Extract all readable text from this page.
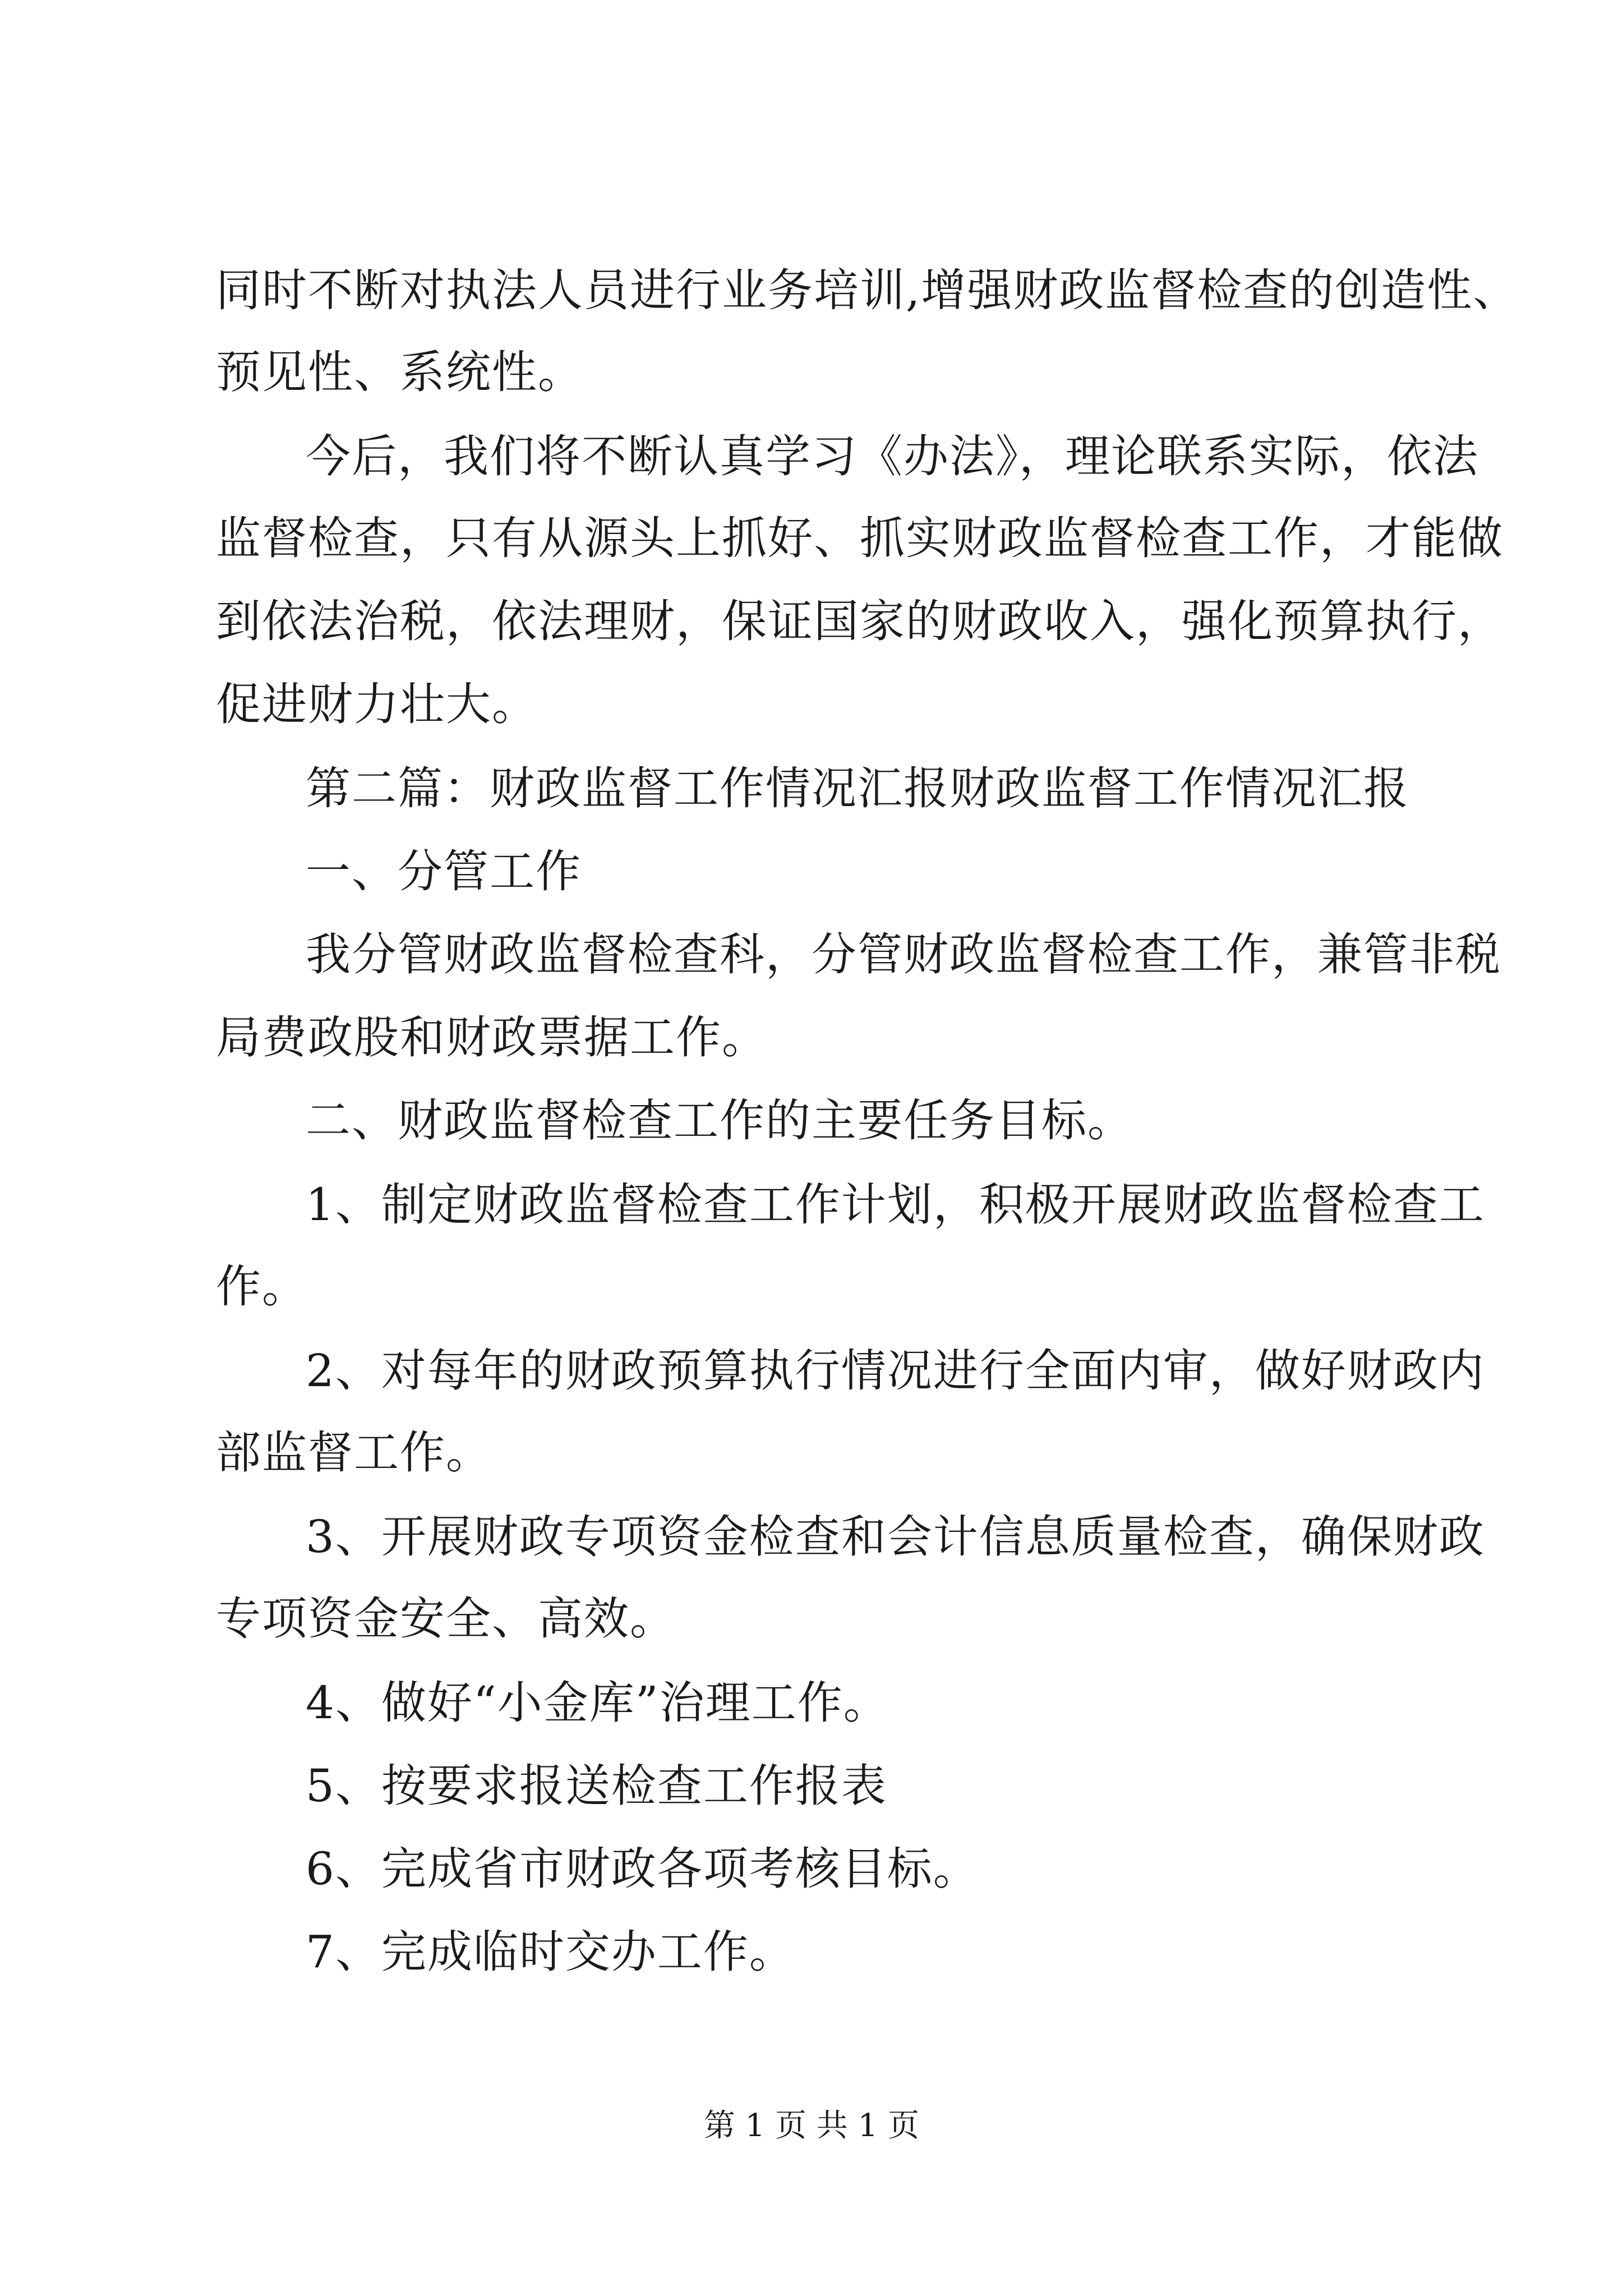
同时不断对执法人员进行业务培训,增强财政监督检查的创造性、
预见性、系统性。
今后，我们将不断认真学习《办法》，理论联系实际，依法
监督检查，只有从源头上抓好、抓实财政监督检查工作，才能做
到依法治税，依法理财，保证国家的财政收入，强化预算执行，
促进财力壮大。
第二篇：财政监督工作情况汇报财政监督工作情况汇报
一、分管工作
我分管财政监督检查科，分管财政监督检查工作，兼管非税
局费政股和财政票据工作。
二、财政监督检查工作的主要任务目标。
1、制定财政监督检查工作计划，积极开展财政监督检查工
作。
2、对每年的财政预算执行情况进行全面内审，做好财政内
部监督工作。
3、开展财政专项资金检查和会计信息质量检查，确保财政
专项资金安全、高效。
4、做好“小金库”治理工作。
5、按要求报送检查工作报表
6、完成省市财政各项考核目标。
7、完成临时交办工作。
第 1 页 共 1 页
